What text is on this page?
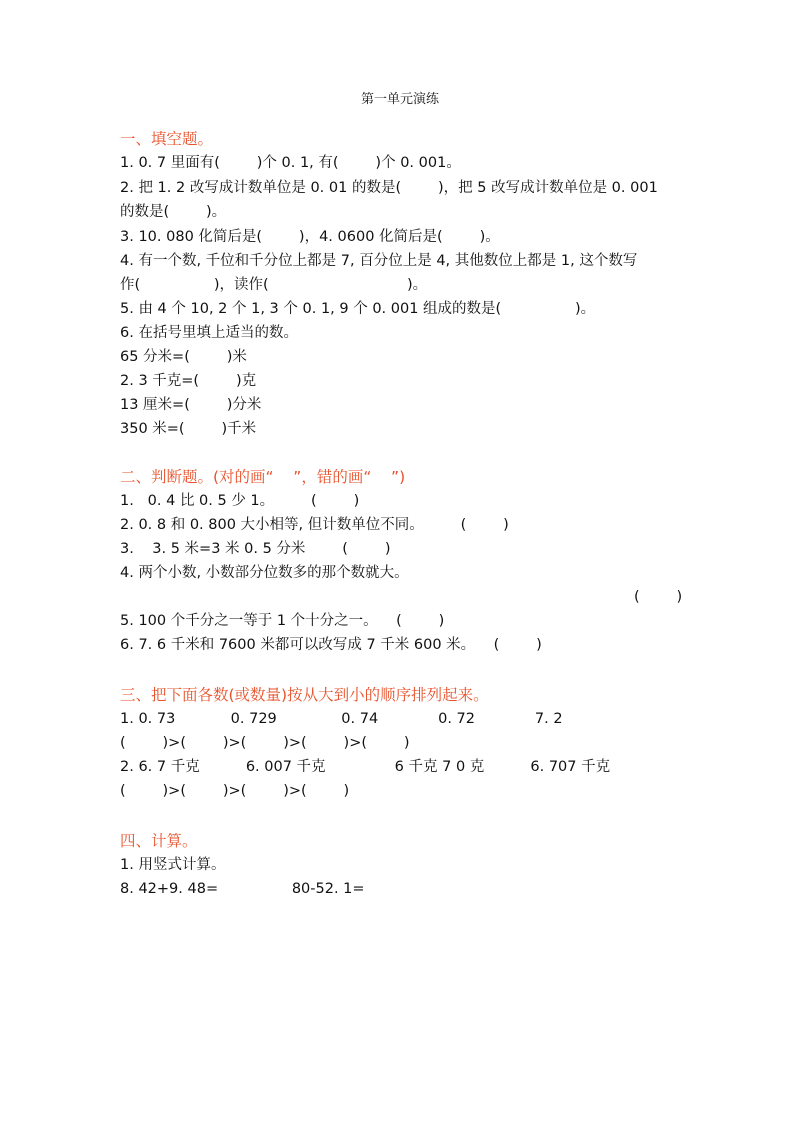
第一单元演练
一、填空题。
1. 0. 7 里面有(        )个 0. 1, 有(        )个 0. 001。
2. 把 1. 2 改写成计数单位是 0. 01 的数是(        )，把 5 改写成计数单位是 0. 001
的数是(        )。
3. 10. 080 化简后是(        )，4. 0600 化简后是(        )。
4. 有一个数, 千位和千分位上都是 7, 百分位上是 4, 其他数位上都是 1, 这个数写
作(                )，读作(                              )。
5. 由 4 个 10, 2 个 1, 3 个 0. 1, 9 个 0. 001 组成的数是(                )。
6. 在括号里填上适当的数。
65 分米=(        )米
2. 3 千克=(        )克
13 厘米=(        )分米
350 米=(        )千米
二、判断题。(对的画“    ”，错的画“    ”)
1.   0. 4 比 0. 5 少 1。        (        )
2. 0. 8 和 0. 800 大小相等, 但计数单位不同。        (        )
3.    3. 5 米=3 米 0. 5 分米        (        )
4. 两个小数, 小数部分位数多的那个数就大。
(        )
5. 100 个千分之一等于 1 个十分之一。    (        )
6. 7. 6 千米和 7600 米都可以改写成 7 千米 600 米。    (        )
三、把下面各数(或数量)按从大到小的顺序排列起来。
1. 0. 73            0. 729              0. 74             0. 72             7. 2
(        )>(        )>(        )>(        )>(        )
2. 6. 7 千克          6. 007 千克               6 千克 7 0 克          6. 707 千克
(        )>(        )>(        )>(        )
四、计算。
1. 用竖式计算。
8. 42+9. 48=                80-52. 1=
